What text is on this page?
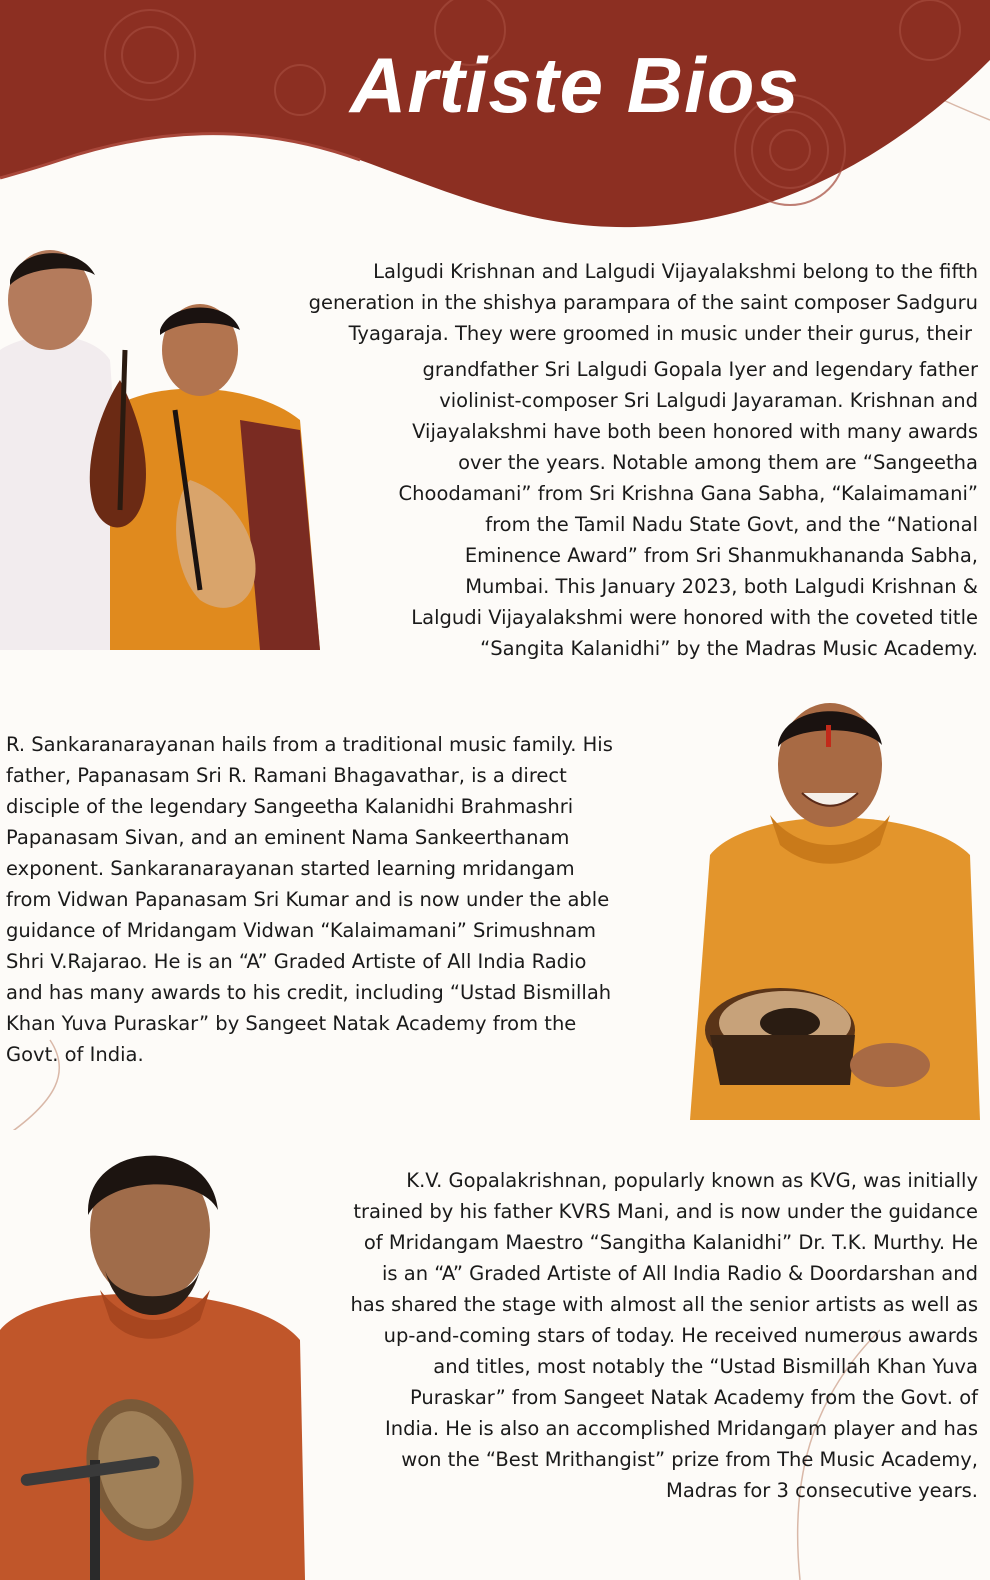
Artiste Bios
Lalgudi Krishnan and Lalgudi Vijayalakshmi belong to the fifth
generation in the shishya parampara of the saint composer Sadguru
Tyagaraja. They were groomed in music under their gurus, their
grandfather Sri Lalgudi Gopala Iyer and legendary father
violinist-composer Sri Lalgudi Jayaraman. Krishnan and
Vijayalakshmi have both been honored with many awards
over the years. Notable among them are “Sangeetha
Choodamani” from Sri Krishna Gana Sabha, “Kalaimamani”
from the Tamil Nadu State Govt, and the “National
Eminence Award” from Sri Shanmukhananda Sabha,
Mumbai. This January 2023, both Lalgudi Krishnan &
Lalgudi Vijayalakshmi were honored with the coveted title
“Sangita Kalanidhi” by the Madras Music Academy.
R. Sankaranarayanan hails from a traditional music family. His
father, Papanasam Sri R. Ramani Bhagavathar, is a direct
disciple of the legendary Sangeetha Kalanidhi Brahmashri
Papanasam Sivan, and an eminent Nama Sankeerthanam
exponent. Sankaranarayanan started learning mridangam
from Vidwan Papanasam Sri Kumar and is now under the able
guidance of Mridangam Vidwan “Kalaimamani” Srimushnam
Shri V.Rajarao. He is an “A” Graded Artiste of All India Radio
and has many awards to his credit, including “Ustad Bismillah
Khan Yuva Puraskar” by Sangeet Natak Academy from the
Govt. of India.
K.V. Gopalakrishnan, popularly known as KVG, was initially
trained by his father KVRS Mani, and is now under the guidance
of Mridangam Maestro “Sangitha Kalanidhi” Dr. T.K. Murthy. He
is an “A” Graded Artiste of All India Radio & Doordarshan and
has shared the stage with almost all the senior artists as well as
up-and-coming stars of today. He received numerous awards
and titles, most notably the “Ustad Bismillah Khan Yuva
Puraskar” from Sangeet Natak Academy from the Govt. of
India. He is also an accomplished Mridangam player and has
won the “Best Mrithangist” prize from The Music Academy,
Madras for 3 consecutive years.
